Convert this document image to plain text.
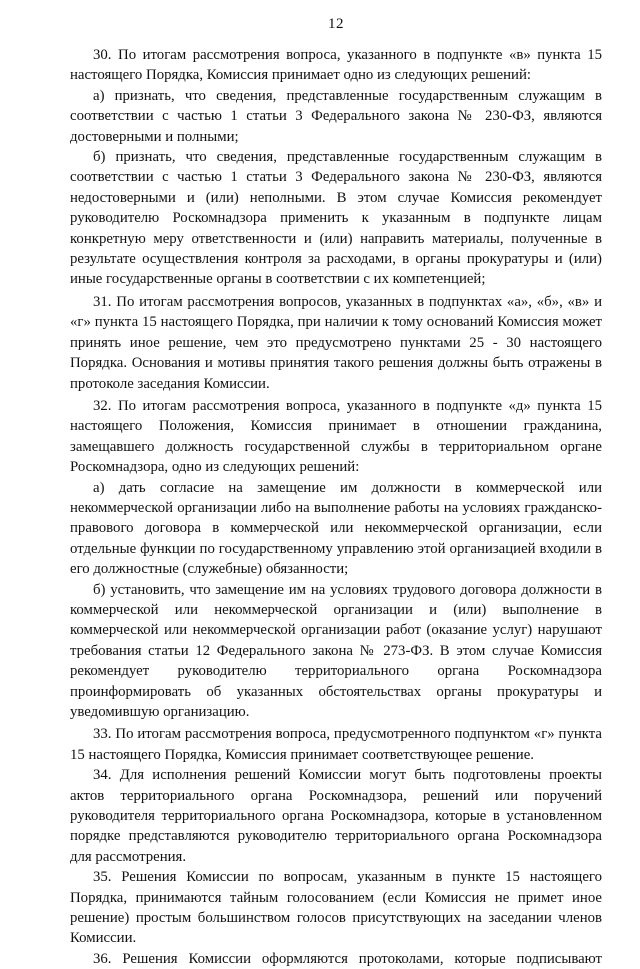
12

30. По итогам рассмотрения вопроса, указанного в подпункте «в» пункта 15 настоящего Порядка, Комиссия принимает одно из следующих решений:

а) признать, что сведения, представленные государственным служащим в соответствии с частью 1 статьи 3 Федерального закона № 230-ФЗ, являются достоверными и полными;

б) признать, что сведения, представленные государственным служащим в соответствии с частью 1 статьи 3 Федерального закона № 230-ФЗ, являются недостоверными и (или) неполными. В этом случае Комиссия рекомендует руководителю Роскомнадзора применить к указанным в подпункте лицам конкретную меру ответственности и (или) направить материалы, полученные в результате осуществления контроля за расходами, в органы прокуратуры и (или) иные государственные органы в соответствии с их компетенцией;

31. По итогам рассмотрения вопросов, указанных в подпунктах «а», «б», «в» и «г» пункта 15 настоящего Порядка, при наличии к тому оснований Комиссия может принять иное решение, чем это предусмотрено пунктами 25 - 30 настоящего Порядка. Основания и мотивы принятия такого решения должны быть отражены в протоколе заседания Комиссии.

32. По итогам рассмотрения вопроса, указанного в подпункте «д» пункта 15 настоящего Положения, Комиссия принимает в отношении гражданина, замещавшего должность государственной службы в территориальном органе Роскомнадзора, одно из следующих решений:

а) дать согласие на замещение им должности в коммерческой или некоммерческой организации либо на выполнение работы на условиях гражданско-правового договора в коммерческой или некоммерческой организации, если отдельные функции по государственному управлению этой организацией входили в его должностные (служебные) обязанности;

б) установить, что замещение им на условиях трудового договора должности в коммерческой или некоммерческой организации и (или) выполнение в коммерческой или некоммерческой организации работ (оказание услуг) нарушают требования статьи 12 Федерального закона № 273-ФЗ. В этом случае Комиссия рекомендует руководителю территориального органа Роскомнадзора проинформировать об указанных обстоятельствах органы прокуратуры и уведомившую организацию.

33. По итогам рассмотрения вопроса, предусмотренного подпунктом «г» пункта 15 настоящего Порядка, Комиссия принимает соответствующее решение.

34. Для исполнения решений Комиссии могут быть подготовлены проекты актов территориального органа Роскомнадзора, решений или поручений руководителя территориального органа Роскомнадзора, которые в установленном порядке представляются руководителю территориального органа Роскомнадзора для рассмотрения.

35. Решения Комиссии по вопросам, указанным в пункте 15 настоящего Порядка, принимаются тайным голосованием (если Комиссия не примет иное решение) простым большинством голосов присутствующих на заседании членов Комиссии.

36. Решения Комиссии оформляются протоколами, которые подписывают
